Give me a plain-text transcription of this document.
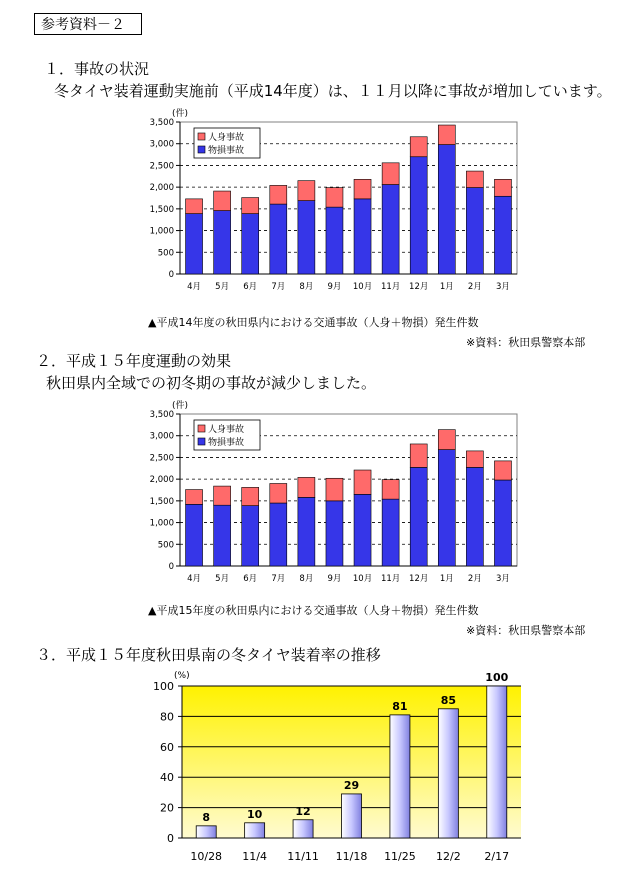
参考資料－２
１．事故の状況
冬タイヤ装着運動実施前（平成14年度）は、１１月以降に事故が増加しています。
0
500
1,000
1,500
2,000
2,500
3,000
3,500
(件)
4月 5月 6月 7月 8月 9月 10月 11月 12月 1月 2月 3月
人身事故
物損事故
▲平成14年度の秋田県内における交通事故（人身＋物損）発生件数
※資料：秋田県警察本部
２．平成１５年度運動の効果
秋田県内全域での初冬期の事故が減少しました。
0
500
1,000
1,500
2,000
2,500
3,000
3,500
(件)
4月 5月 6月 7月 8月 9月 10月 11月 12月 1月 2月 3月
人身事故
物損事故
▲平成15年度の秋田県内における交通事故（人身＋物損）発生件数
※資料：秋田県警察本部
３．平成１５年度秋田県南の冬タイヤ装着率の推移
0
20
40
60
80
100
(%)
8
10/28
10
11/4
12
11/11
29
11/18
81
11/25
85
12/2
100
2/17
